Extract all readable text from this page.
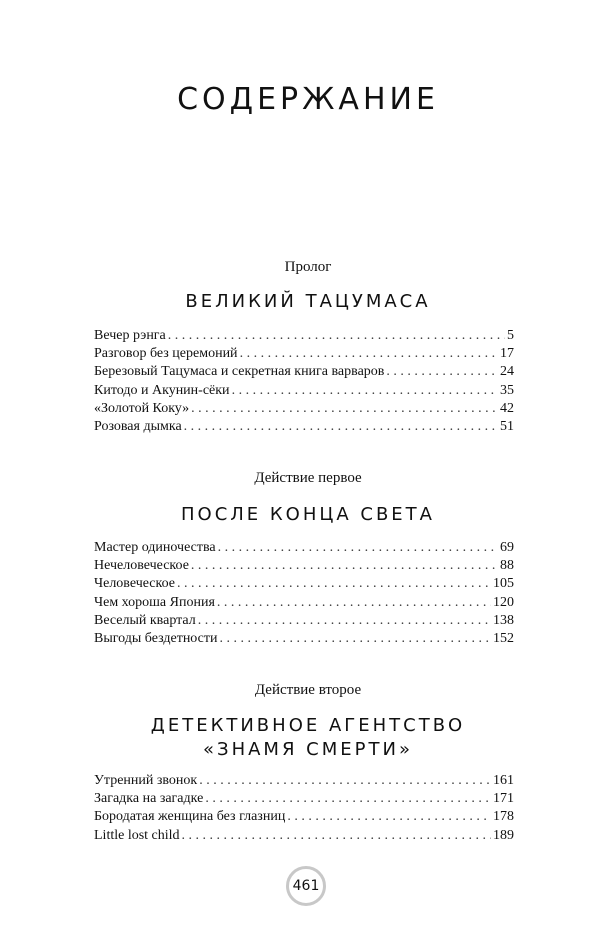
СОДЕРЖАНИЕ
Пролог
ВЕЛИКИЙ ТАЦУМАСА
Вечер рэнга . . .	5
Разговор без церемоний . . .	17
Березовый Тацумаса и секретная книга варваров . . .	24
Китодо и Акунин-сёки . . .	35
«Золотой Коку» . . .	42
Розовая дымка . . .	51
Действие первое
ПОСЛЕ КОНЦА СВЕТА
Мастер одиночества . . .	69
Нечеловеческое . . .	88
Человеческое . . .	105
Чем хороша Япония . . .	120
Веселый квартал . . .	138
Выгоды бездетности . . .	152
Действие второе
ДЕТЕКТИВНОЕ АГЕНТСТВО
«ЗНАМЯ СМЕРТИ»
Утренний звонок . . .	161
Загадка на загадке . . .	171
Бородатая женщина без глазниц . . .	178
Little lost child . . .	189
461
